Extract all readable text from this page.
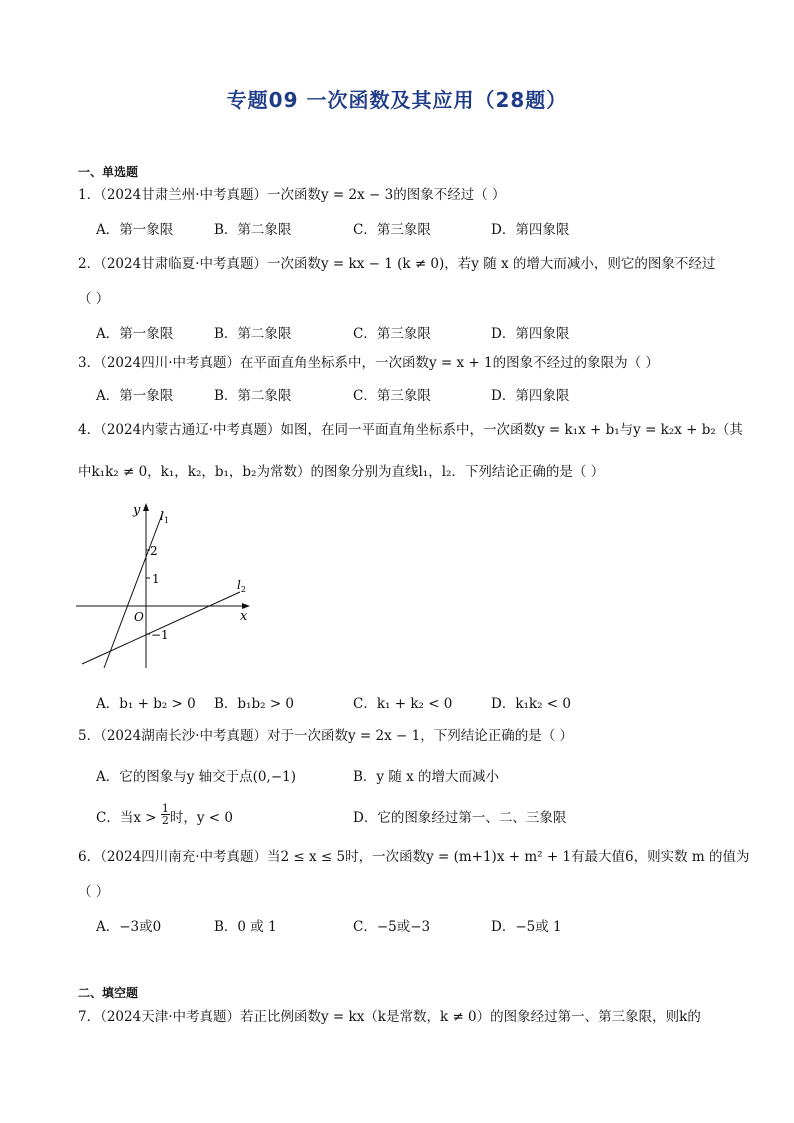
专题09 一次函数及其应用（28题）
一、单选题
1．（2024甘肃兰州·中考真题）一次函数y = 2x − 3的图象不经过（ ）
A．第一象限	B．第二象限	C．第三象限	D．第四象限
2．（2024甘肃临夏·中考真题）一次函数y = kx − 1 (k ≠ 0)，若y 随 x 的增大而减小，则它的图象不经过
（ ）
A．第一象限	B．第二象限	C．第三象限	D．第四象限
3．（2024四川·中考真题）在平面直角坐标系中，一次函数y = x + 1的图象不经过的象限为（ ）
A．第一象限	B．第二象限	C．第三象限	D．第四象限
4．（2024内蒙古通辽·中考真题）如图，在同一平面直角坐标系中，一次函数y = k₁x + b₁与y = k₂x + b₂（其
中k₁k₂ ≠ 0，k₁，k₂，b₁，b₂为常数）的图象分别为直线l₁，l₂．下列结论正确的是（ ）
y
x
O
2
1
−1
$l_1$
$l_2$
A．b₁ + b₂ > 0 B．b₁b₂ > 0	C．k₁ + k₂ < 0	D．k₁k₂ < 0
5．（2024湖南长沙·中考真题）对于一次函数y = 2x − 1，下列结论正确的是（ ）
A．它的图象与y 轴交于点(0,−1)	B．y 随 x 的增大而减小
C．当$x > \frac{1}{2}$ 时，y < 0	D．它的图象经过第一、二、三象限
6．（2024四川南充·中考真题）当2 ≤ x ≤ 5时，一次函数y = (m+1)x + m² + 1有最大值6，则实数 m 的值为
（ ）
A．−3或0	B．0 或 1	C．−5或−3	D．−5或 1
二、填空题
7．（2024天津·中考真题）若正比例函数y = kx（k是常数，k ≠ 0）的图象经过第一、第三象限，则k的
